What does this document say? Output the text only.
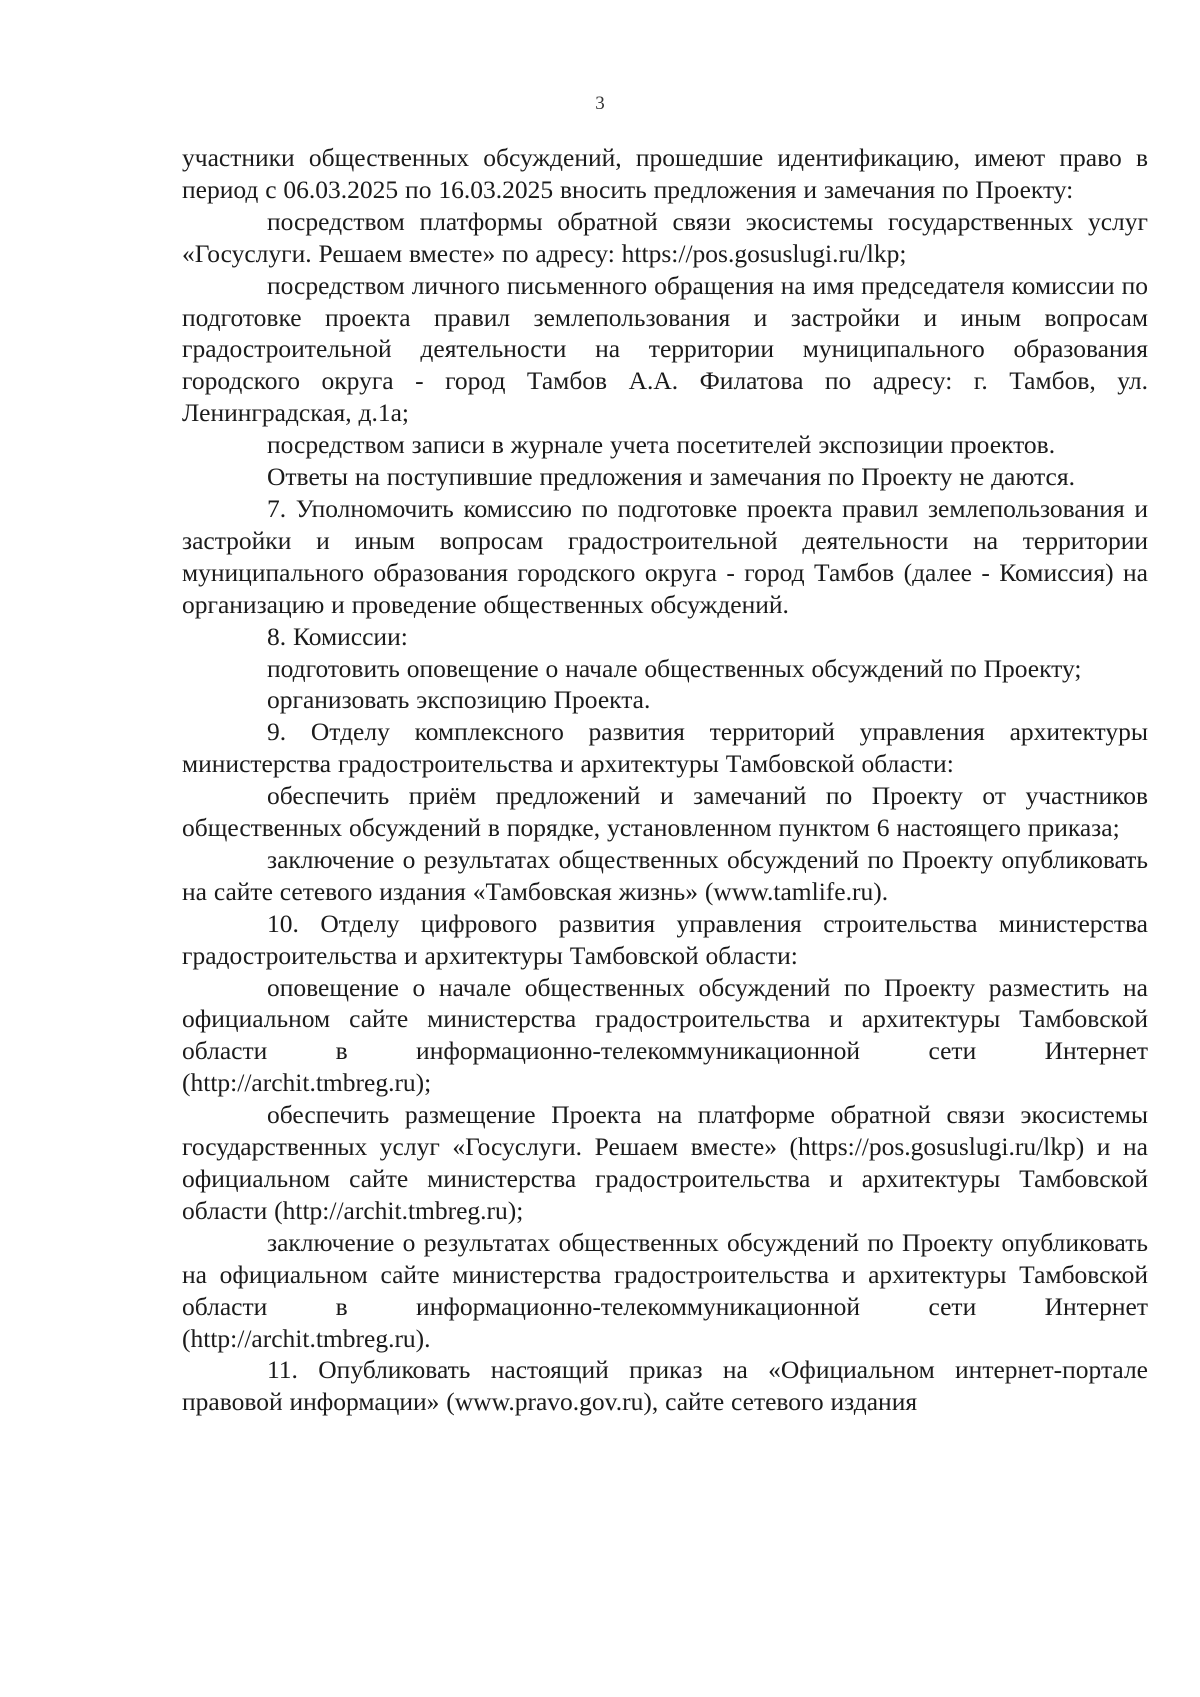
3

участники общественных обсуждений, прошедшие идентификацию, имеют право в период с 06.03.2025 по 16.03.2025 вносить предложения и замечания по Проекту:

посредством платформы обратной связи экосистемы государственных услуг «Госуслуги. Решаем вместе» по адресу: https://pos.gosuslugi.ru/lkp;

посредством личного письменного обращения на имя председателя комиссии по подготовке проекта правил землепользования и застройки и иным вопросам градостроительной деятельности на территории муниципального образования городского округа - город Тамбов А.А. Филатова по адресу: г. Тамбов, ул. Ленинградская, д.1а;

посредством записи в журнале учета посетителей экспозиции проектов.

Ответы на поступившие предложения и замечания по Проекту не даются.

7. Уполномочить комиссию по подготовке проекта правил землепользования и застройки и иным вопросам градостроительной деятельности на территории муниципального образования городского округа - город Тамбов (далее - Комиссия) на организацию и проведение общественных обсуждений.

8. Комиссии:

подготовить оповещение о начале общественных обсуждений по Проекту;

организовать экспозицию Проекта.

9. Отделу комплексного развития территорий управления архитектуры министерства градостроительства и архитектуры Тамбовской области:

обеспечить приём предложений и замечаний по Проекту от участников общественных обсуждений в порядке, установленном пунктом 6 настоящего приказа;

заключение о результатах общественных обсуждений по Проекту опубликовать на сайте сетевого издания «Тамбовская жизнь» (www.tamlife.ru).

10. Отделу цифрового развития управления строительства министерства градостроительства и архитектуры Тамбовской области:

оповещение о начале общественных обсуждений по Проекту разместить на официальном сайте министерства градостроительства и архитектуры Тамбовской области в информационно-телекоммуникационной сети Интернет (http://archit.tmbreg.ru);

обеспечить размещение Проекта на платформе обратной связи экосистемы государственных услуг «Госуслуги. Решаем вместе» (https://pos.gosuslugi.ru/lkp) и на официальном сайте министерства градостроительства и архитектуры Тамбовской области (http://archit.tmbreg.ru);

заключение о результатах общественных обсуждений по Проекту опубликовать на официальном сайте министерства градостроительства и архитектуры Тамбовской области в информационно-телекоммуникационной сети Интернет (http://archit.tmbreg.ru).

11. Опубликовать настоящий приказ на «Официальном интернет-портале правовой информации» (www.pravo.gov.ru), сайте сетевого издания
